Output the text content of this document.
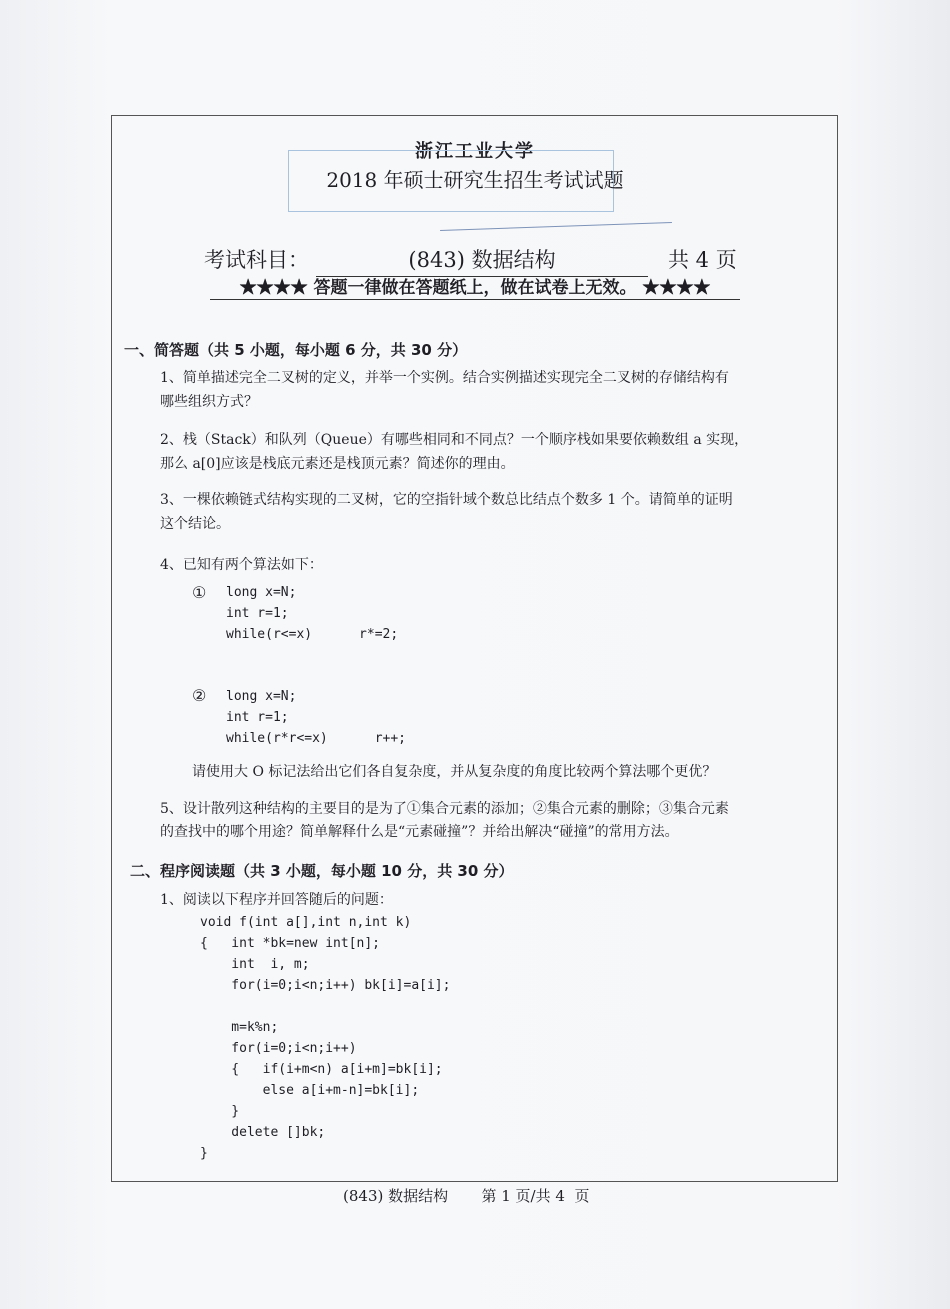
浙江工业大学
2018 年硕士研究生招生考试试题
考试科目：	(843) 数据结构	共 4 页
★★★★ 答题一律做在答题纸上，做在试卷上无效。 ★★★★
一、简答题（共 5 小题，每小题 6 分，共 30 分）
1、简单描述完全二叉树的定义，并举一个实例。结合实例描述实现完全二叉树的存储结构有
哪些组织方式？
2、栈（Stack）和队列（Queue）有哪些相同和不同点？一个顺序栈如果要依赖数组 a 实现，
那么 a[0]应该是栈底元素还是栈顶元素？简述你的理由。
3、一棵依赖链式结构实现的二叉树，它的空指针域个数总比结点个数多 1 个。请简单的证明
这个结论。
4、已知有两个算法如下：
① long x=N;
int r=1;
while(r<=x)      r*=2;
② long x=N;
int r=1;
while(r*r<=x)      r++;
请使用大 O 标记法给出它们各自复杂度，并从复杂度的角度比较两个算法哪个更优？
5、设计散列这种结构的主要目的是为了①集合元素的添加；②集合元素的删除；③集合元素
的查找中的哪个用途？简单解释什么是“元素碰撞”？并给出解决“碰撞”的常用方法。
二、程序阅读题（共 3 小题，每小题 10 分，共 30 分）
1、阅读以下程序并回答随后的问题：
void f(int a[],int n,int k)
{   int *bk=new int[n];
int  i, m;
for(i=0;i<n;i++) bk[i]=a[i];

m=k%n;
for(i=0;i<n;i++)
{   if(i+m<n) a[i+m]=bk[i];
else a[i+m-n]=bk[i];
}
delete []bk;
}
(843) 数据结构       第 1 页/共 4  页
